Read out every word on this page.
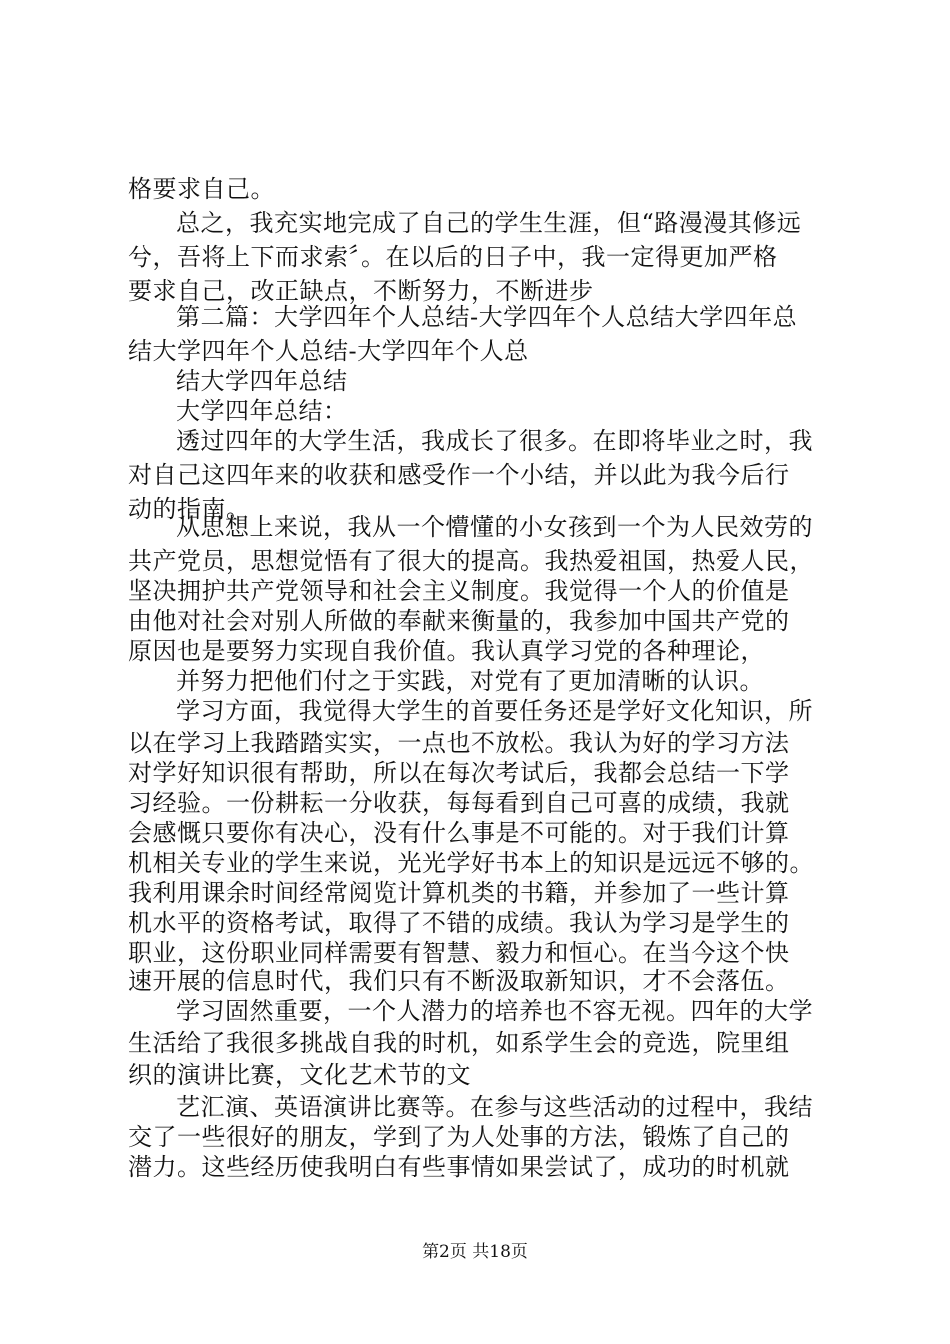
格要求自己。
总之，我充实地完成了自己的学生生涯，但“路漫漫其修远
兮，吾将上下而求索〞。在以后的日子中，我一定得更加严格
要求自己，改正缺点，不断努力，不断进步
第二篇：大学四年个人总结-大学四年个人总结大学四年总
结大学四年个人总结-大学四年个人总
结大学四年总结
大学四年总结：
透过四年的大学生活，我成长了很多。在即将毕业之时，我
对自己这四年来的收获和感受作一个小结，并以此为我今后行
动的指南。
从思想上来说，我从一个懵懂的小女孩到一个为人民效劳的
共产党员，思想觉悟有了很大的提高。我热爱祖国，热爱人民，
坚决拥护共产党领导和社会主义制度。我觉得一个人的价值是
由他对社会对别人所做的奉献来衡量的，我参加中国共产党的
原因也是要努力实现自我价值。我认真学习党的各种理论，
并努力把他们付之于实践，对党有了更加清晰的认识。
学习方面，我觉得大学生的首要任务还是学好文化知识，所
以在学习上我踏踏实实，一点也不放松。我认为好的学习方法
对学好知识很有帮助，所以在每次考试后，我都会总结一下学
习经验。一份耕耘一分收获，每每看到自己可喜的成绩，我就
会感慨只要你有决心，没有什么事是不可能的。对于我们计算
机相关专业的学生来说，光光学好书本上的知识是远远不够的。
我利用课余时间经常阅览计算机类的书籍，并参加了一些计算
机水平的资格考试，取得了不错的成绩。我认为学习是学生的
职业，这份职业同样需要有智慧、毅力和恒心。在当今这个快
速开展的信息时代，我们只有不断汲取新知识，才不会落伍。
学习固然重要，一个人潜力的培养也不容无视。四年的大学
生活给了我很多挑战自我的时机，如系学生会的竞选，院里组
织的演讲比赛，文化艺术节的文
艺汇演、英语演讲比赛等。在参与这些活动的过程中，我结
交了一些很好的朋友，学到了为人处事的方法，锻炼了自己的
潜力。这些经历使我明白有些事情如果尝试了，成功的时机就
第2页 共18页
